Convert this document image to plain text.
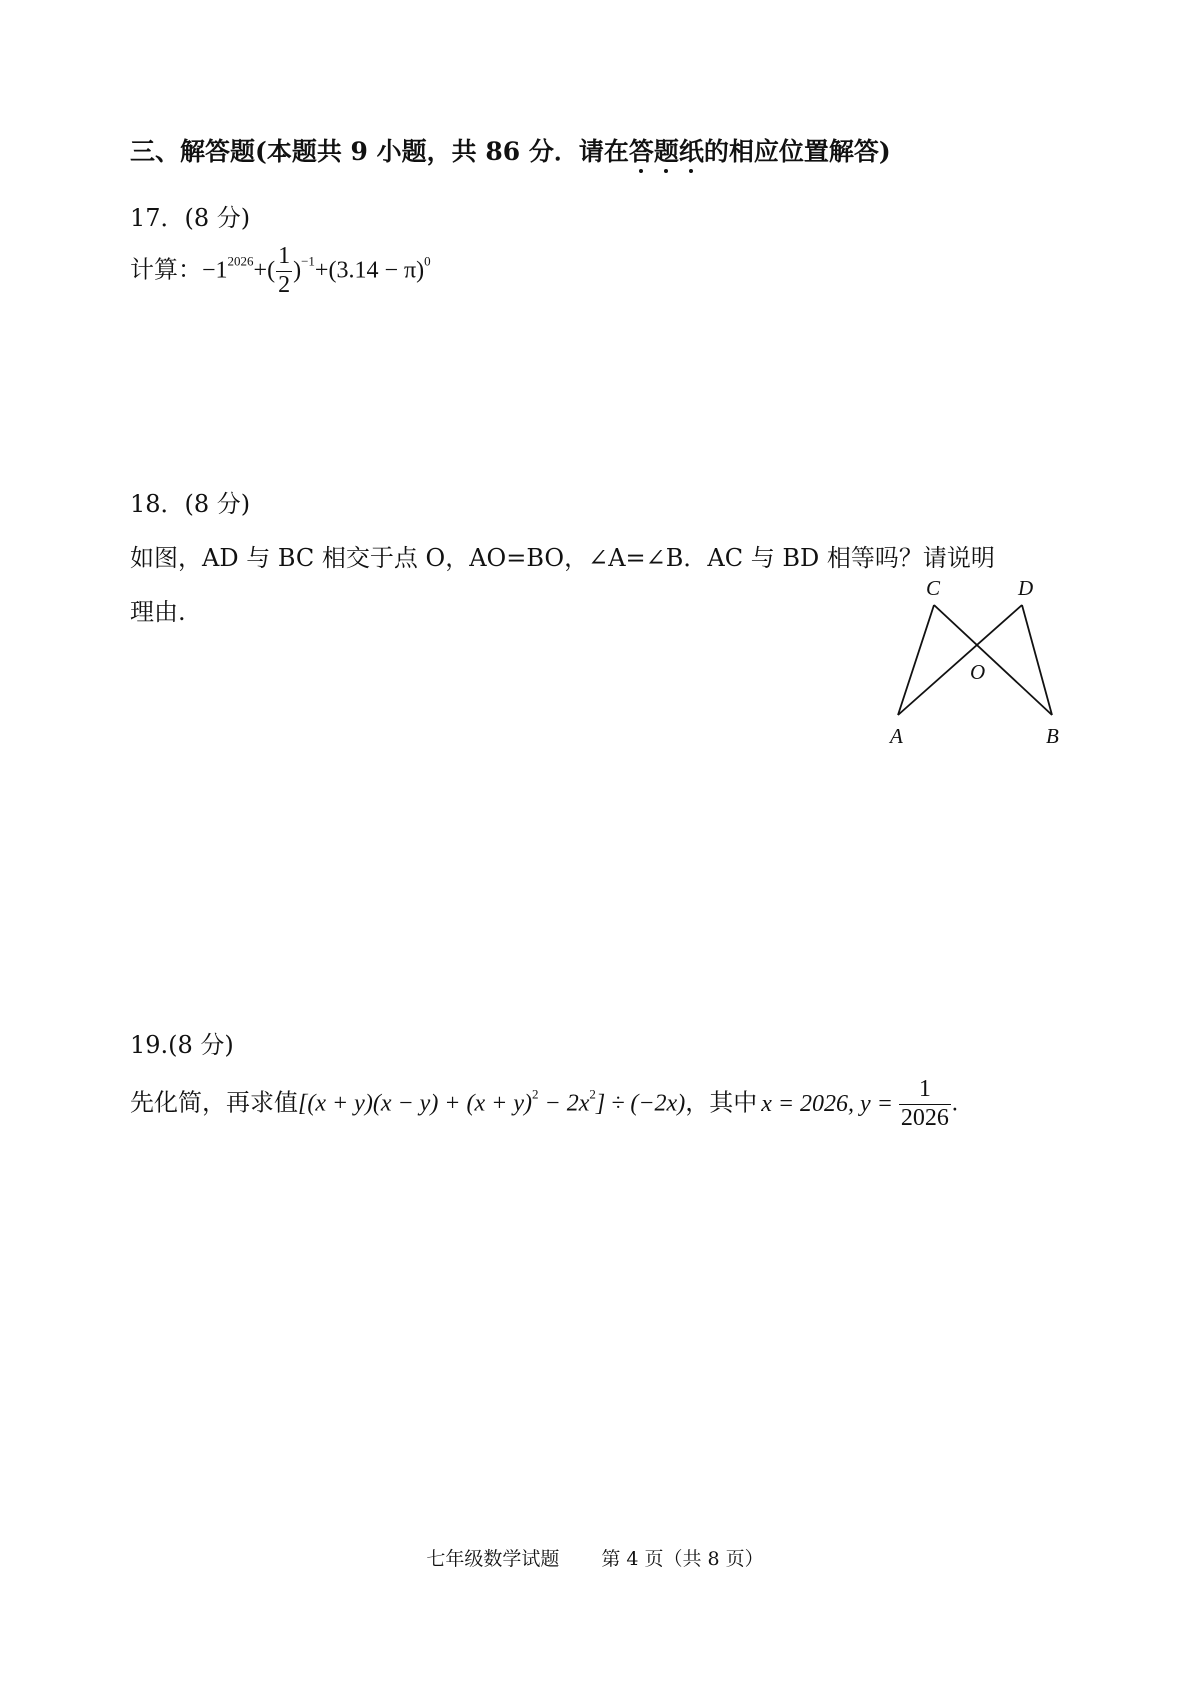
三、解答题(本题共 9 小题，共 86 分．请在答题纸的相应位置解答)
17．(8 分)
计算：$-1^{2026}+( \frac{1}{2} )^{-1}+(3.14 - \pi)^0$
18．(8 分)
如图，AD 与 BC 相交于点 O，AO=BO，∠A=∠B．AC 与 BD 相等吗？请说明
理由.
C	D
O
A	B
19.(8 分)
先化简，再求值$[(x + y)(x - y) + (x + y)^2 - 2x^2] \div (-2x)$，其中 x = 2026, $y = \frac{1}{2026}$ .
七年级数学试题 第 4 页（共 8 页）
